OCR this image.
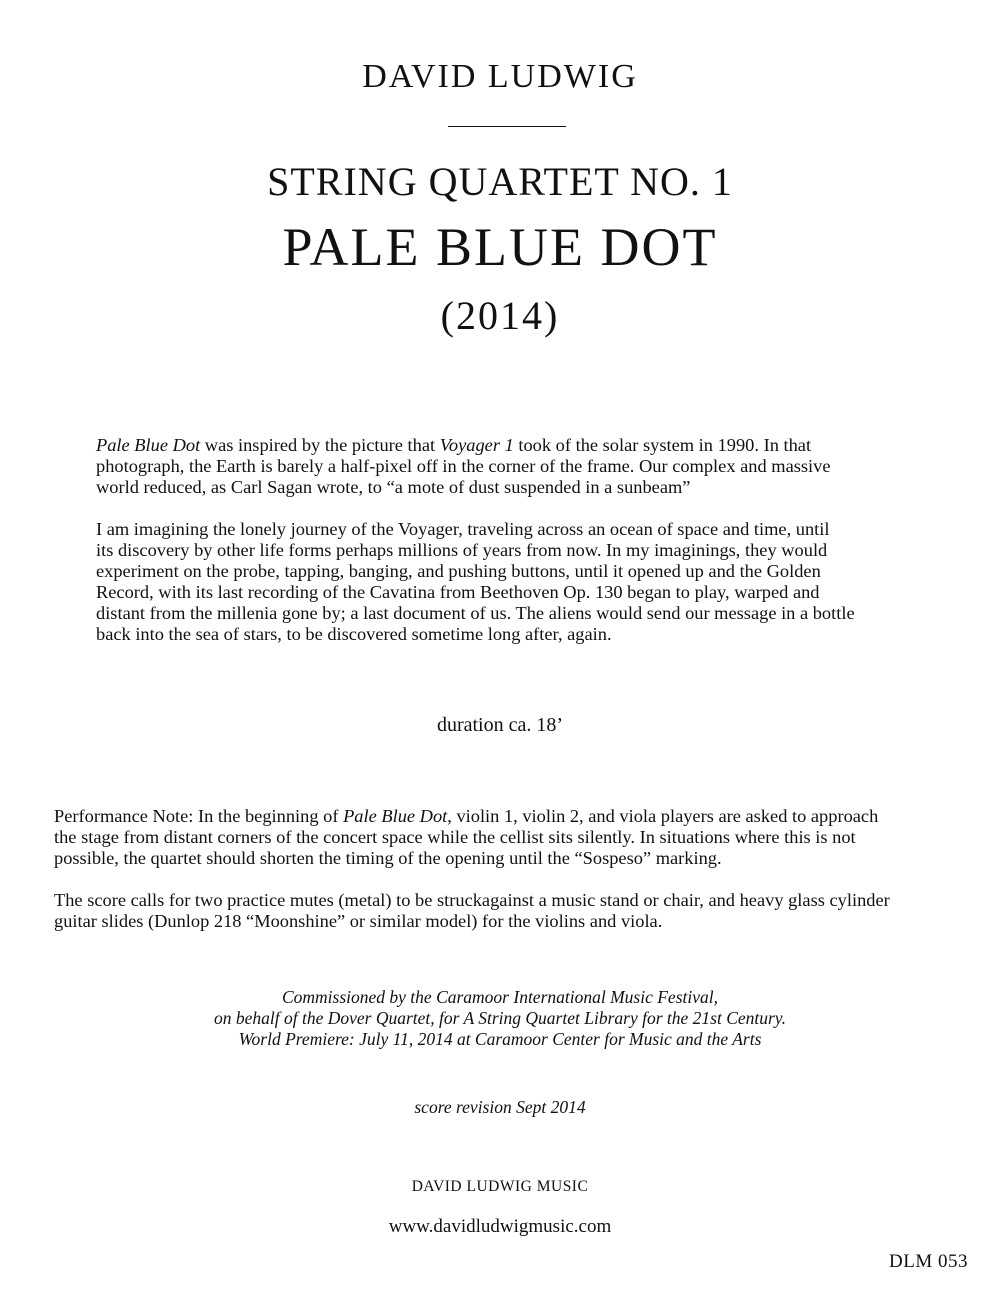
DAVID LUDWIG
STRING QUARTET NO. 1
PALE BLUE DOT
(2014)
Pale Blue Dot was inspired by the picture that Voyager 1 took of the solar system in 1990. In that
photograph, the Earth is barely a half-pixel off in the corner of the frame. Our complex and massive
world reduced, as Carl Sagan wrote, to “a mote of dust suspended in a sunbeam”
I am imagining the lonely journey of the Voyager, traveling across an ocean of space and time, until
its discovery by other life forms perhaps millions of years from now. In my imaginings, they would
experiment on the probe, tapping, banging, and pushing buttons, until it opened up and the Golden
Record, with its last recording of the Cavatina from Beethoven Op. 130 began to play, warped and
distant from the millenia gone by; a last document of us. The aliens would send our message in a bottle
back into the sea of stars, to be discovered sometime long after, again.
duration ca. 18’
Performance Note: In the beginning of Pale Blue Dot, violin 1, violin 2, and viola players are asked to approach
the stage from distant corners of the concert space while the cellist sits silently. In situations where this is not
possible, the quartet should shorten the timing of the opening until the “Sospeso” marking.
The score calls for two practice mutes (metal) to be struckagainst a music stand or chair, and heavy glass cylinder
guitar slides (Dunlop 218 “Moonshine” or similar model) for the violins and viola.
Commissioned by the Caramoor International Music Festival,
on behalf of the Dover Quartet, for A String Quartet Library for the 21st Century.
World Premiere: July 11, 2014 at Caramoor Center for Music and the Arts
score revision Sept 2014
DAVID LUDWIG MUSIC
www.davidludwigmusic.com
DLM 053
